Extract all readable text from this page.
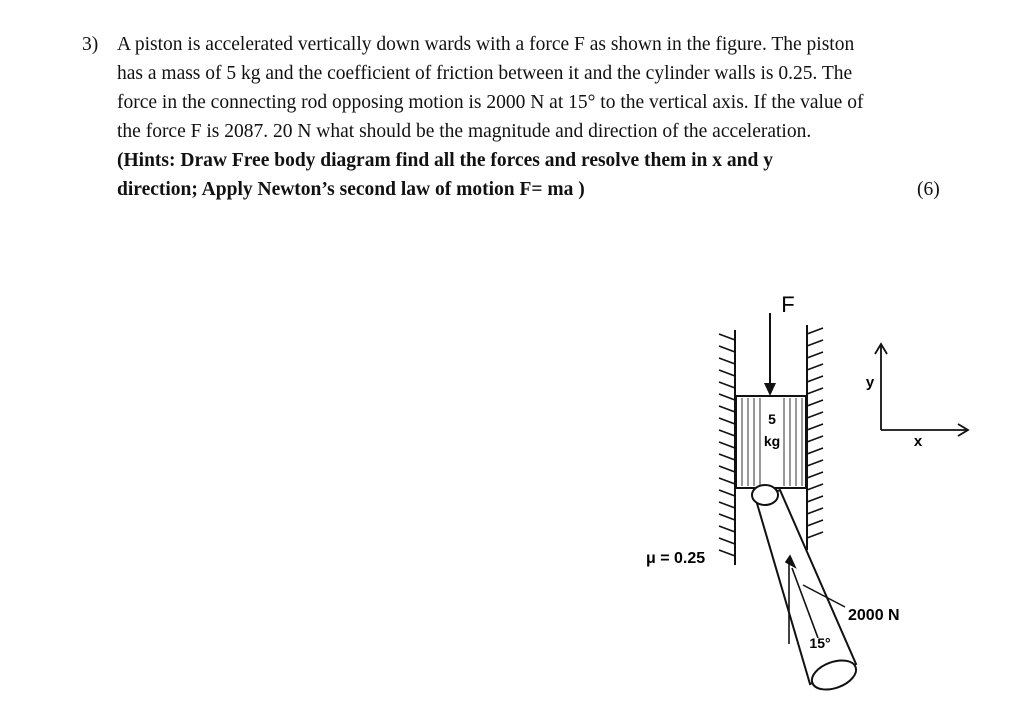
3) A piston is accelerated vertically down wards with a force F as shown in the figure. The piston
has a mass of 5 kg and the coefficient of friction between it and the cylinder walls is 0.25. The
force in the connecting rod opposing motion is 2000 N at 15° to the vertical axis. If the value of
the force F is 2087. 20 N what should be the magnitude and direction of the acceleration.
(Hints: Draw Free body diagram find all the forces and resolve them in x and y
direction; Apply Newton’s second law of motion F= ma )	(6)
5
kg
F
15°
2000 N
μ = 0.25
y
x
